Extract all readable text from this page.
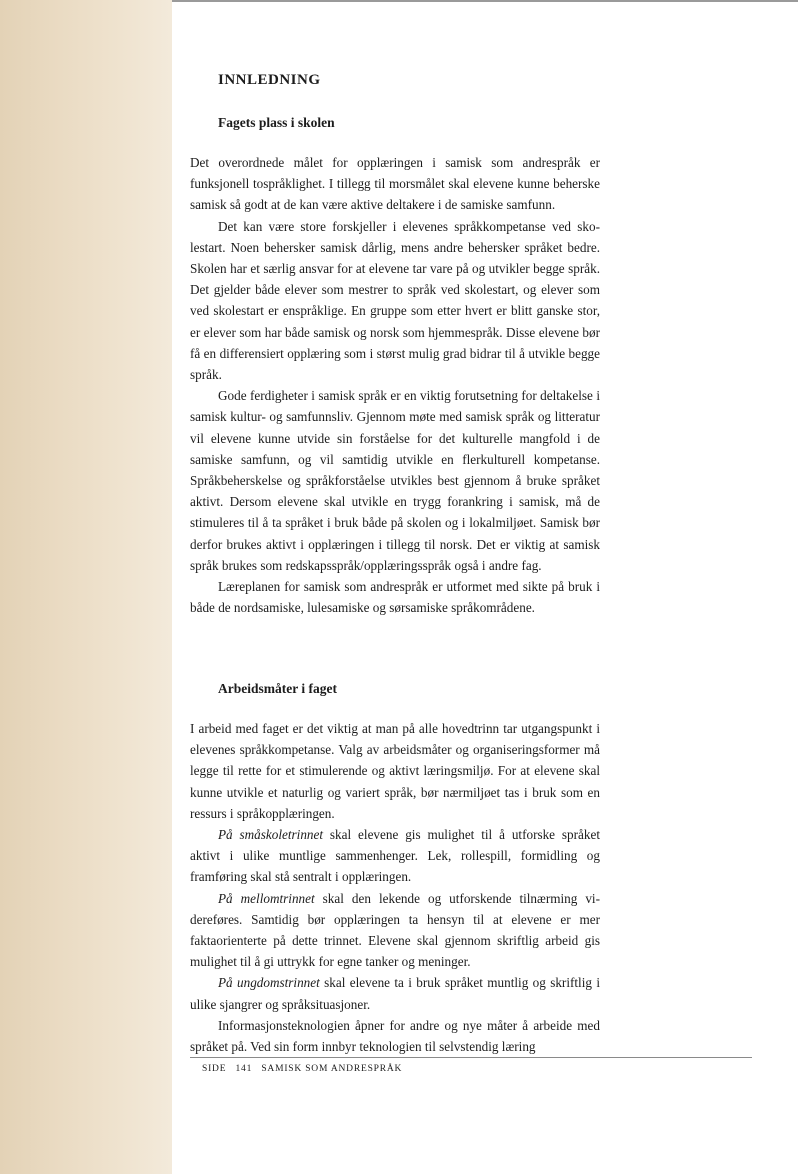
INNLEDNING
Fagets plass i skolen

Det overordnede målet for opplæringen i samisk som andrespråk er funksjonell tospråklighet. I tillegg til morsmålet skal elevene kunne beherske samisk så godt at de kan være aktive deltakere i de samiske samfunn.

Det kan være store forskjeller i elevenes språkkompetanse ved skolestart. Noen behersker samisk dårlig, mens andre behersker språket bedre. Skolen har et særlig ansvar for at elevene tar vare på og utvikler begge språk. Det gjelder både elever som mestrer to språk ved skolestart, og elever som ved skolestart er enspråklige. En gruppe som etter hvert er blitt ganske stor, er elever som har både samisk og norsk som hjemmespråk. Disse elevene bør få en differensiert opplæring som i størst mulig grad bidrar til å utvikle begge språk.

Gode ferdigheter i samisk språk er en viktig forutsetning for deltakelse i samisk kultur- og samfunnsliv. Gjennom møte med samisk språk og litteratur vil elevene kunne utvide sin forståelse for det kulturelle mangfold i de samiske samfunn, og vil samtidig utvikle en flerkulturell kompetanse. Språkbeherskelse og språkforståelse utvikles best gjennom å bruke språket aktivt. Dersom elevene skal utvikle en trygg forankring i samisk, må de stimuleres til å ta språket i bruk både på skolen og i lokalmiljøet. Samisk bør derfor brukes aktivt i opplæringen i tillegg til norsk. Det er viktig at samisk språk brukes som redskapsspråk/opplæringsspråk også i andre fag.

Læreplanen for samisk som andrespråk er utformet med sikte på bruk i både de nordsamiske, lulesamiske og sørsamiske språkområdene.

Arbeidsmåter i faget

I arbeid med faget er det viktig at man på alle hovedtrinn tar utgangspunkt i elevenes språkkompetanse. Valg av arbeidsmåter og organiseringsformer må legge til rette for et stimulerende og aktivt læringsmiljø. For at elevene skal kunne utvikle et naturlig og variert språk, bør nærmiljøet tas i bruk som en ressurs i språkopplæringen.

På småskoletrinnet skal elevene gis mulighet til å utforske språket aktivt i ulike muntlige sammenhenger. Lek, rollespill, formidling og framføring skal stå sentralt i opplæringen.

På mellomtrinnet skal den lekende og utforskende tilnærming videreføres. Samtidig bør opplæringen ta hensyn til at elevene er mer faktaorienterte på dette trinnet. Elevene skal gjennom skriftlig arbeid gis mulighet til å gi uttrykk for egne tanker og meninger.

På ungdomstrinnet skal elevene ta i bruk språket muntlig og skriftlig i ulike sjangrer og språksituasjoner.

Informasjonsteknologien åpner for andre og nye måter å arbeide med språket på. Ved sin form innbyr teknologien til selvstendig læring

SIDE 141 SAMISK SOM ANDRESPRÅK
